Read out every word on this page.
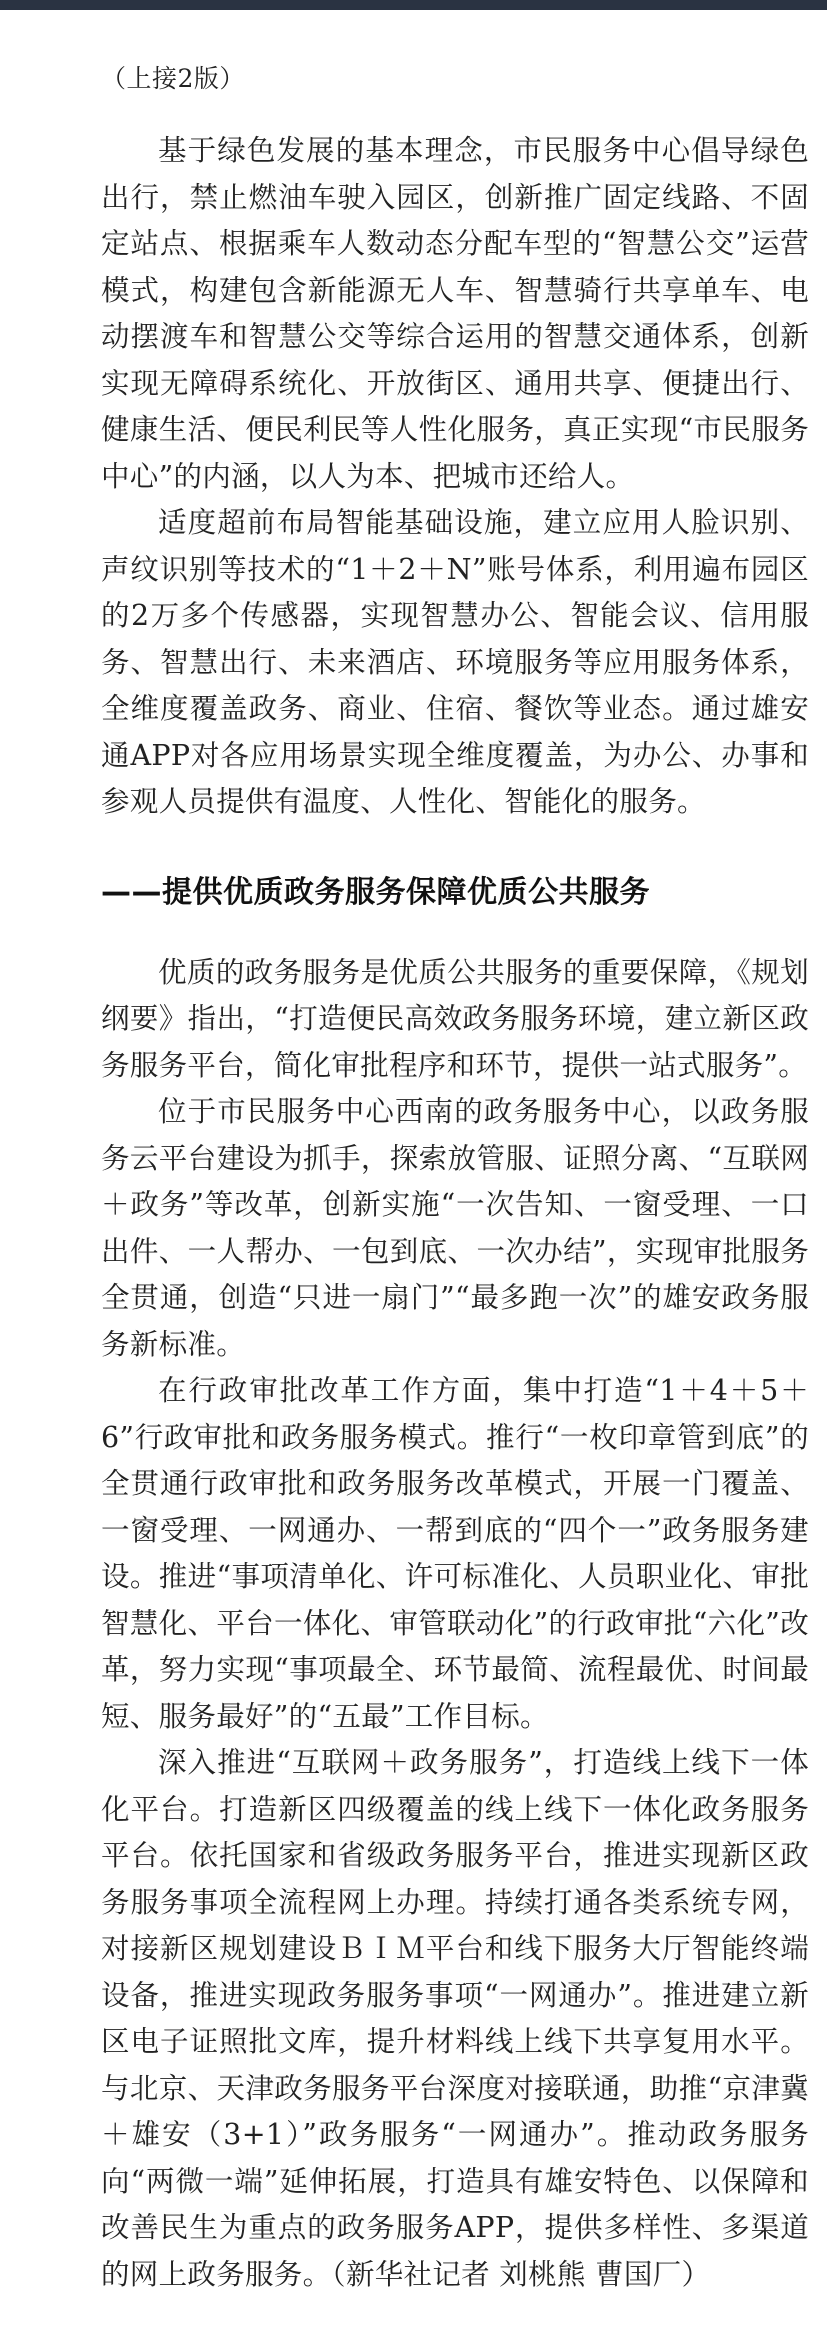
（上接2版）

基于绿色发展的基本理念，市民服务中心倡导绿色出行，禁止燃油车驶入园区，创新推广固定线路、不固定站点、根据乘车人数动态分配车型的“智慧公交”运营模式，构建包含新能源无人车、智慧骑行共享单车、电动摆渡车和智慧公交等综合运用的智慧交通体系，创新实现无障碍系统化、开放街区、通用共享、便捷出行、健康生活、便民利民等人性化服务，真正实现“市民服务中心”的内涵，以人为本、把城市还给人。

适度超前布局智能基础设施，建立应用人脸识别、声纹识别等技术的“1＋2＋N”账号体系，利用遍布园区的2万多个传感器，实现智慧办公、智能会议、信用服务、智慧出行、未来酒店、环境服务等应用服务体系，全维度覆盖政务、商业、住宿、餐饮等业态。通过雄安通APP对各应用场景实现全维度覆盖，为办公、办事和参观人员提供有温度、人性化、智能化的服务。

——提供优质政务服务保障优质公共服务

优质的政务服务是优质公共服务的重要保障，《规划纲要》指出，“打造便民高效政务服务环境，建立新区政务服务平台，简化审批程序和环节，提供一站式服务”。

位于市民服务中心西南的政务服务中心，以政务服务云平台建设为抓手，探索放管服、证照分离、“互联网＋政务”等改革，创新实施“一次告知、一窗受理、一口出件、一人帮办、一包到底、一次办结”，实现审批服务全贯通，创造“只进一扇门”“最多跑一次”的雄安政务服务新标准。

在行政审批改革工作方面，集中打造“1＋4＋5＋6”行政审批和政务服务模式。推行“一枚印章管到底”的全贯通行政审批和政务服务改革模式，开展一门覆盖、一窗受理、一网通办、一帮到底的“四个一”政务服务建设。推进“事项清单化、许可标准化、人员职业化、审批智慧化、平台一体化、审管联动化”的行政审批“六化”改革，努力实现“事项最全、环节最简、流程最优、时间最短、服务最好”的“五最”工作目标。

深入推进“互联网＋政务服务”，打造线上线下一体化平台。打造新区四级覆盖的线上线下一体化政务服务平台。依托国家和省级政务服务平台，推进实现新区政务服务事项全流程网上办理。持续打通各类系统专网，对接新区规划建设ＢＩＭ平台和线下服务大厅智能终端设备，推进实现政务服务事项“一网通办”。推进建立新区电子证照批文库，提升材料线上线下共享复用水平。与北京、天津政务服务平台深度对接联通，助推“京津冀＋雄安（3+1）”政务服务“一网通办”。推动政务服务向“两微一端”延伸拓展，打造具有雄安特色、以保障和改善民生为重点的政务服务APP，提供多样性、多渠道的网上政务服务。（新华社记者 刘桃熊 曹国厂）
